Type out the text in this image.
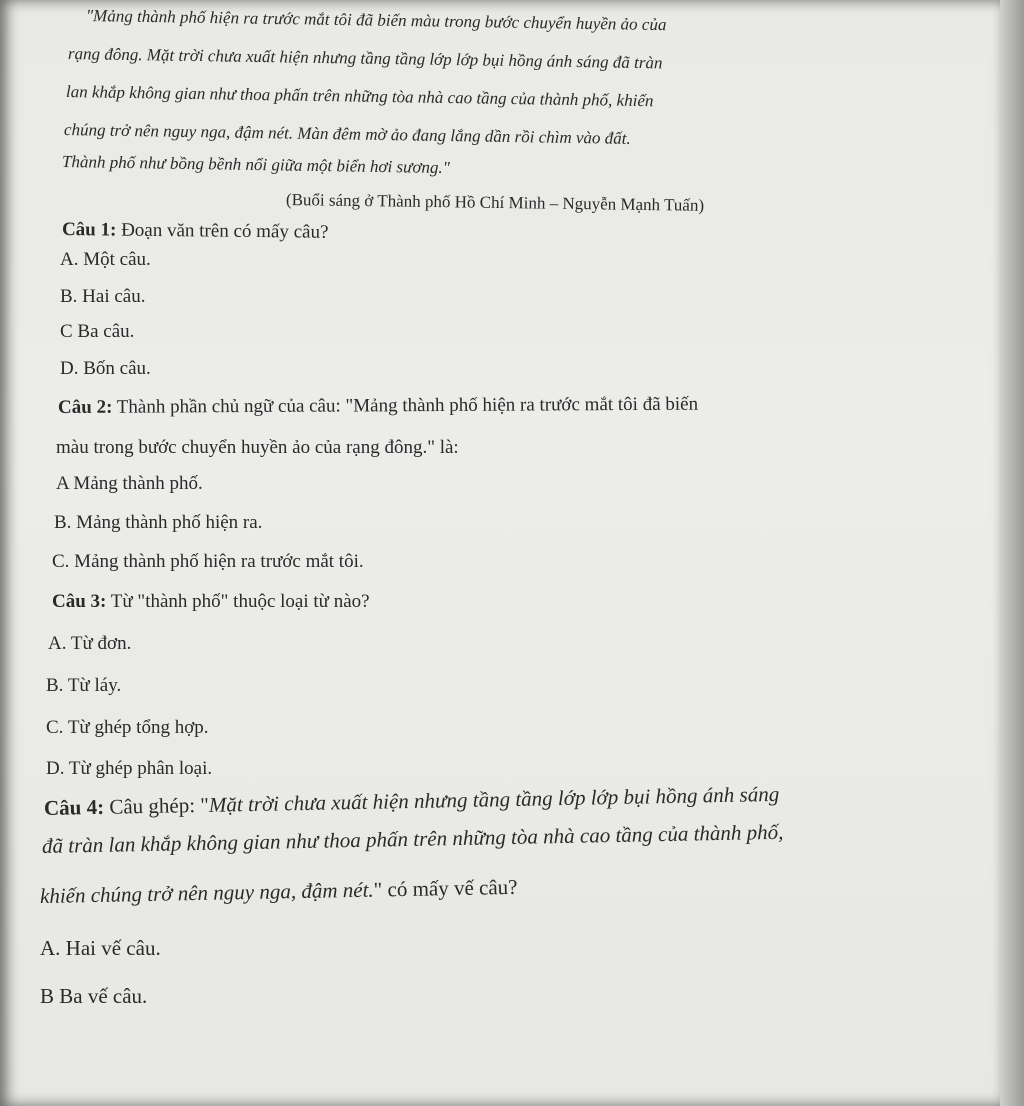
"Mảng thành phố hiện ra trước mắt tôi đã biến màu trong bước chuyển huyền ảo của
rạng đông. Mặt trời chưa xuất hiện nhưng tầng tầng lớp lớp bụi hồng ánh sáng đã tràn
lan khắp không gian như thoa phấn trên những tòa nhà cao tầng của thành phố, khiến
chúng trở nên nguy nga, đậm nét. Màn đêm mờ ảo đang lắng dần rồi chìm vào đất.
Thành phố như bồng bềnh nổi giữa một biển hơi sương."
(Buổi sáng ở Thành phố Hồ Chí Minh – Nguyễn Mạnh Tuấn)
Câu 1: Đoạn văn trên có mấy câu?
A. Một câu.
B. Hai câu.
C Ba câu.
D. Bốn câu.
Câu 2: Thành phần chủ ngữ của câu: "Mảng thành phố hiện ra trước mắt tôi đã biến
màu trong bước chuyển huyền ảo của rạng đông." là:
A Mảng thành phố.
B. Mảng thành phố hiện ra.
C. Mảng thành phố hiện ra trước mắt tôi.
Câu 3: Từ "thành phố" thuộc loại từ nào?
A. Từ đơn.
B. Từ láy.
C. Từ ghép tổng hợp.
D. Từ ghép phân loại.
Câu 4: Câu ghép: "Mặt trời chưa xuất hiện nhưng tầng tầng lớp lớp bụi hồng ánh sáng
đã tràn lan khắp không gian như thoa phấn trên những tòa nhà cao tầng của thành phố,
khiến chúng trở nên nguy nga, đậm nét." có mấy vế câu?
A. Hai vế câu.
B Ba vế câu.
